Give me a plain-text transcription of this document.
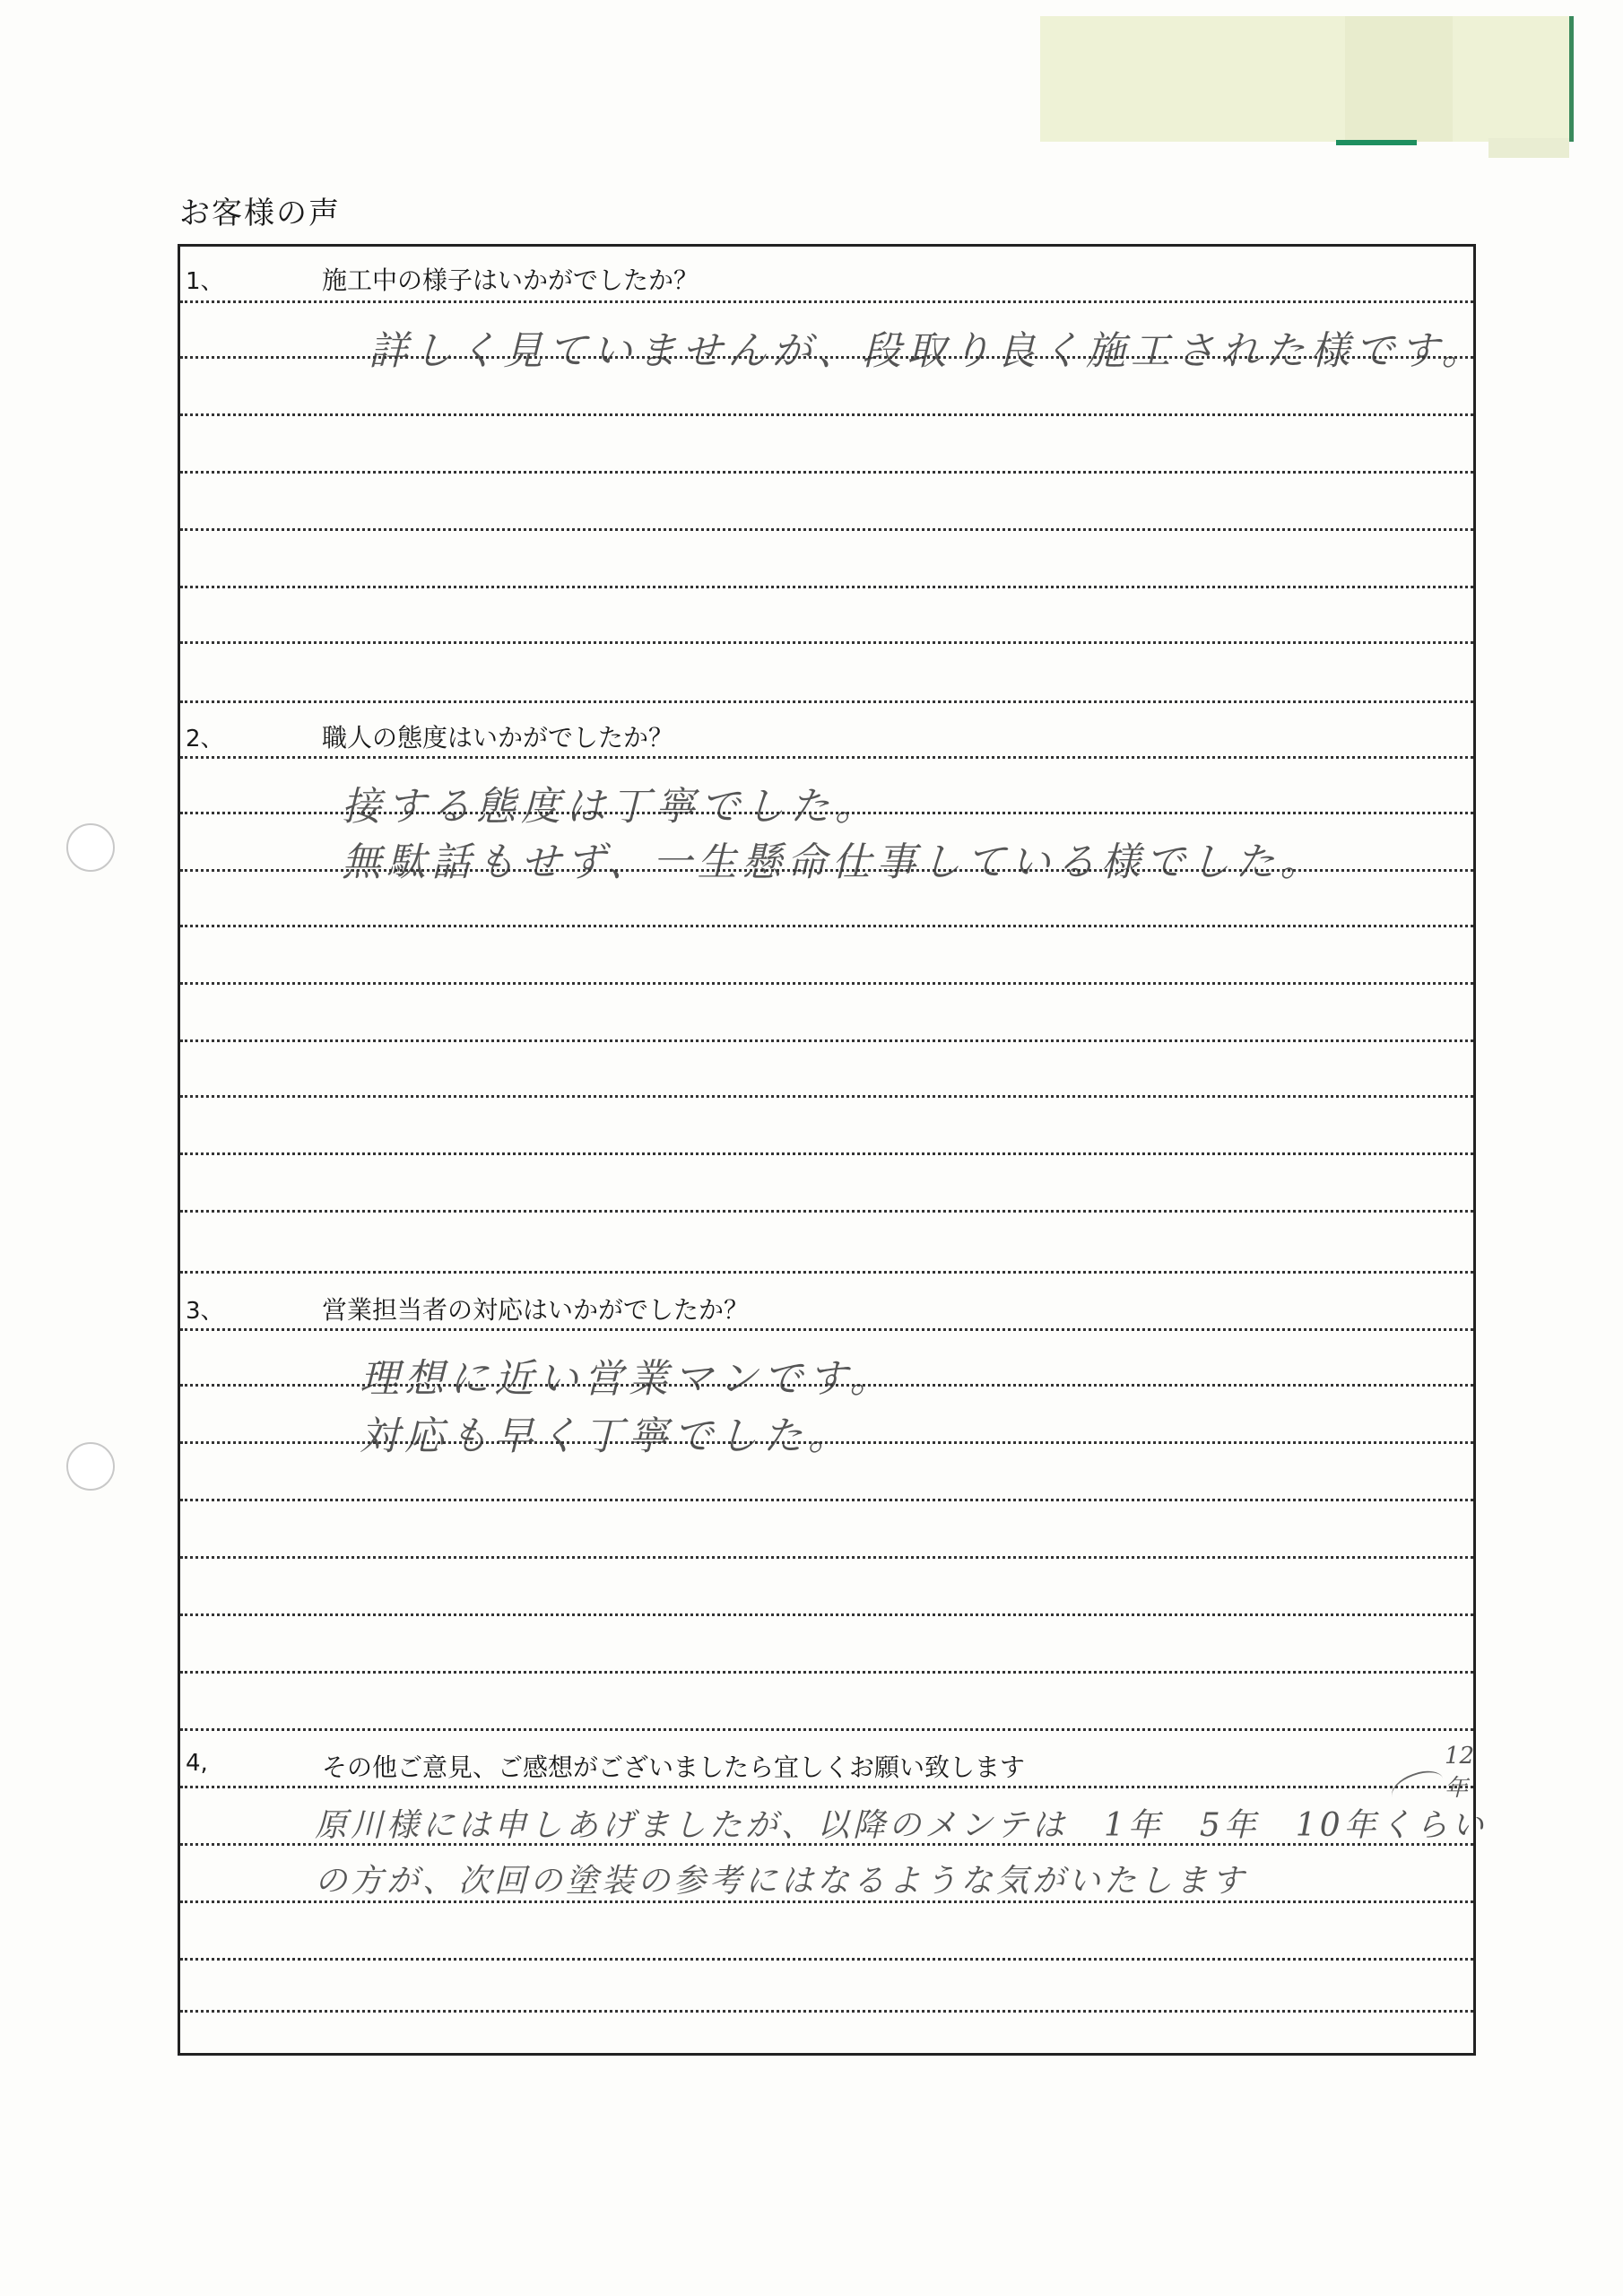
お客様の声
1、	施工中の様子はいかがでしたか？
詳しく見ていませんが、段取り良く施工された様です。
2、	職人の態度はいかがでしたか？
接する態度は丁寧でした。
無駄話もせず、一生懸命仕事している様でした。
3、	営業担当者の対応はいかがでしたか？
理想に近い営業マンです。
対応も早く丁寧でした。
4,	その他ご意見、ご感想がございましたら宜しくお願い致します
原川様には申しあげましたが、以降のメンテは　1年　5年　10年くらい
の方が、次回の塗装の参考にはなるような気がいたします
12年
